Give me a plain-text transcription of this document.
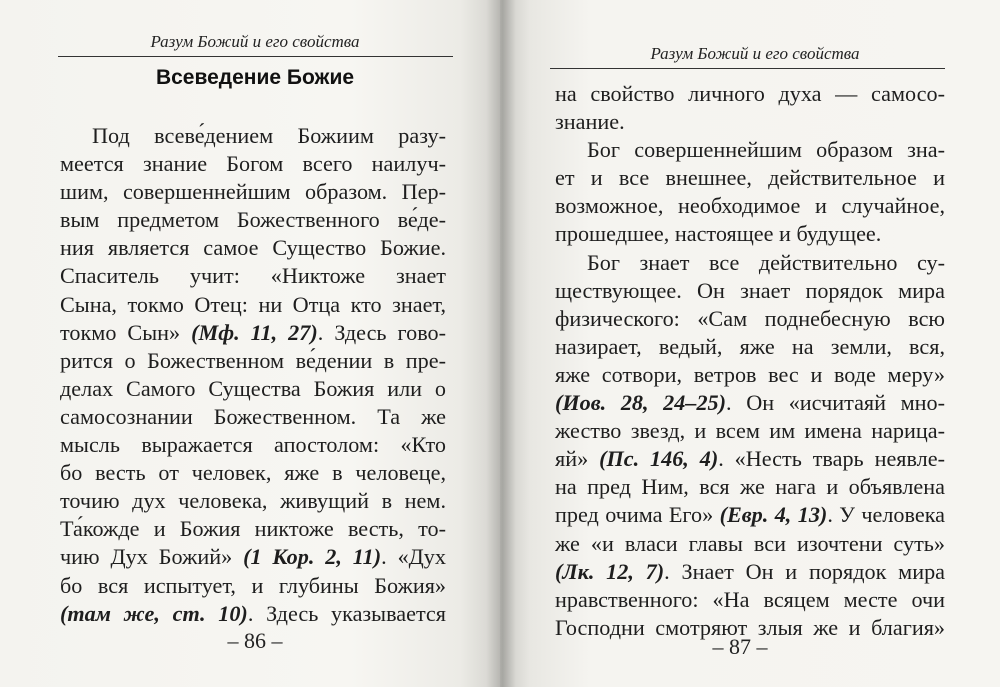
Разум Божий и его свойства
Всеведение Божие
Под всеве́дением Божиим разу-
меется знание Богом всего наилуч-
шим, совершеннейшим образом. Пер-
вым предметом Божественного ве́де-
ния является самое Существо Божие.
Спаситель учит: «Никтоже знает
Сына, токмо Отец: ни Отца кто знает,
токмо Сын» (Мф. 11, 27). Здесь гово-
рится о Божественном ве́дении в пре-
делах Самого Существа Божия или о
самосознании Божественном. Та же
мысль выражается апостолом: «Кто
бо весть от человек, яже в человеце,
точию дух человека, живущий в нем.
Та́кожде и Божия никтоже весть, то-
чию Дух Божий» (1 Кор. 2, 11). «Дух
бо вся испытует, и глубины Божия»
(там же, ст. 10). Здесь указывается
– 86 –
Разум Божий и его свойства
на свойство личного духа — самосо-
знание.
Бог совершеннейшим образом зна-
ет и все внешнее, действительное и
возможное, необходимое и случайное,
прошедшее, настоящее и будущее.
Бог знает все действительно су-
ществующее. Он знает порядок мира
физического: «Сам поднебесную всю
назирает, ведый, яже на земли, вся,
яже сотвори, ветров вес и воде меру»
(Иов. 28, 24–25). Он «исчитаяй мно-
жество звезд, и всем им имена нарица-
яй» (Пс. 146, 4). «Несть тварь неявле-
на пред Ним, вся же нага и объявлена
пред очима Его» (Евр. 4, 13). У человека
же «и власи главы вси изочтени суть»
(Лк. 12, 7). Знает Он и порядок мира
нравственного: «На всяцем месте очи
Господни смотряют злыя же и благия»
– 87 –
